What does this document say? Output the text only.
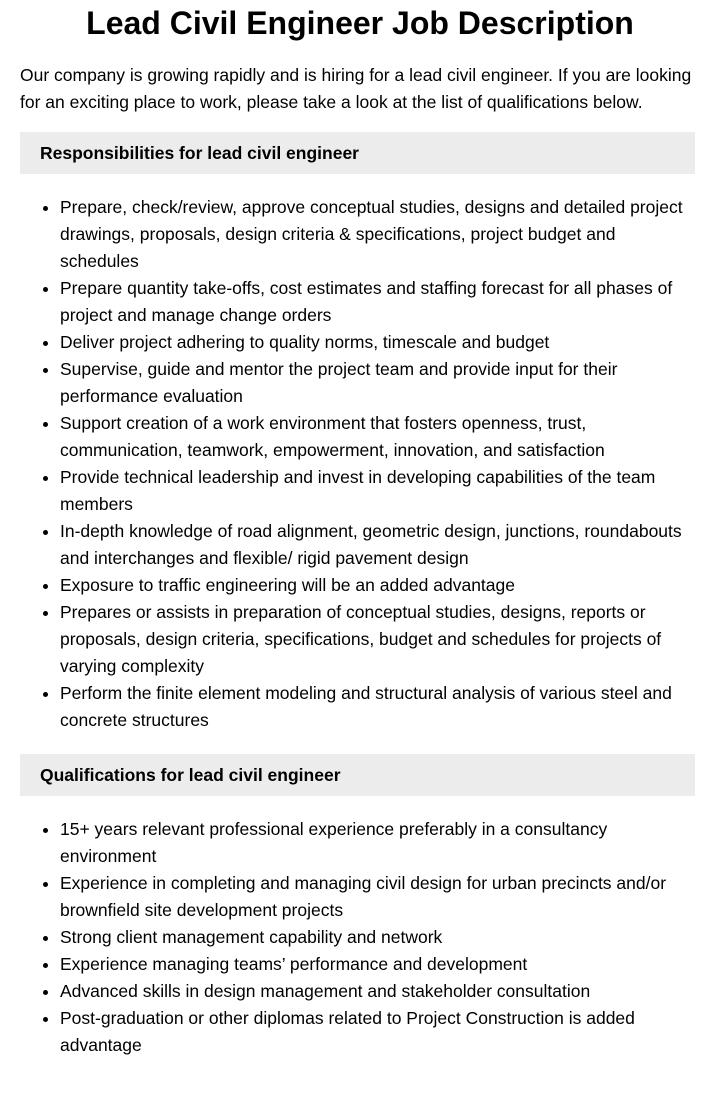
Lead Civil Engineer Job Description

Our company is growing rapidly and is hiring for a lead civil engineer. If you are looking for an exciting place to work, please take a look at the list of qualifications below.

Responsibilities for lead civil engineer
• Prepare, check/review, approve conceptual studies, designs and detailed project drawings, proposals, design criteria & specifications, project budget and schedules
• Prepare quantity take-offs, cost estimates and staffing forecast for all phases of project and manage change orders
• Deliver project adhering to quality norms, timescale and budget
• Supervise, guide and mentor the project team and provide input for their performance evaluation
• Support creation of a work environment that fosters openness, trust, communication, teamwork, empowerment, innovation, and satisfaction
• Provide technical leadership and invest in developing capabilities of the team members
• In-depth knowledge of road alignment, geometric design, junctions, roundabouts and interchanges and flexible/ rigid pavement design
• Exposure to traffic engineering will be an added advantage
• Prepares or assists in preparation of conceptual studies, designs, reports or proposals, design criteria, specifications, budget and schedules for projects of varying complexity
• Perform the finite element modeling and structural analysis of various steel and concrete structures
Qualifications for lead civil engineer
• 15+ years relevant professional experience preferably in a consultancy environment
• Experience in completing and managing civil design for urban precincts and/or brownfield site development projects
• Strong client management capability and network
• Experience managing teams’ performance and development
• Advanced skills in design management and stakeholder consultation
• Post-graduation or other diplomas related to Project Construction is added advantage
